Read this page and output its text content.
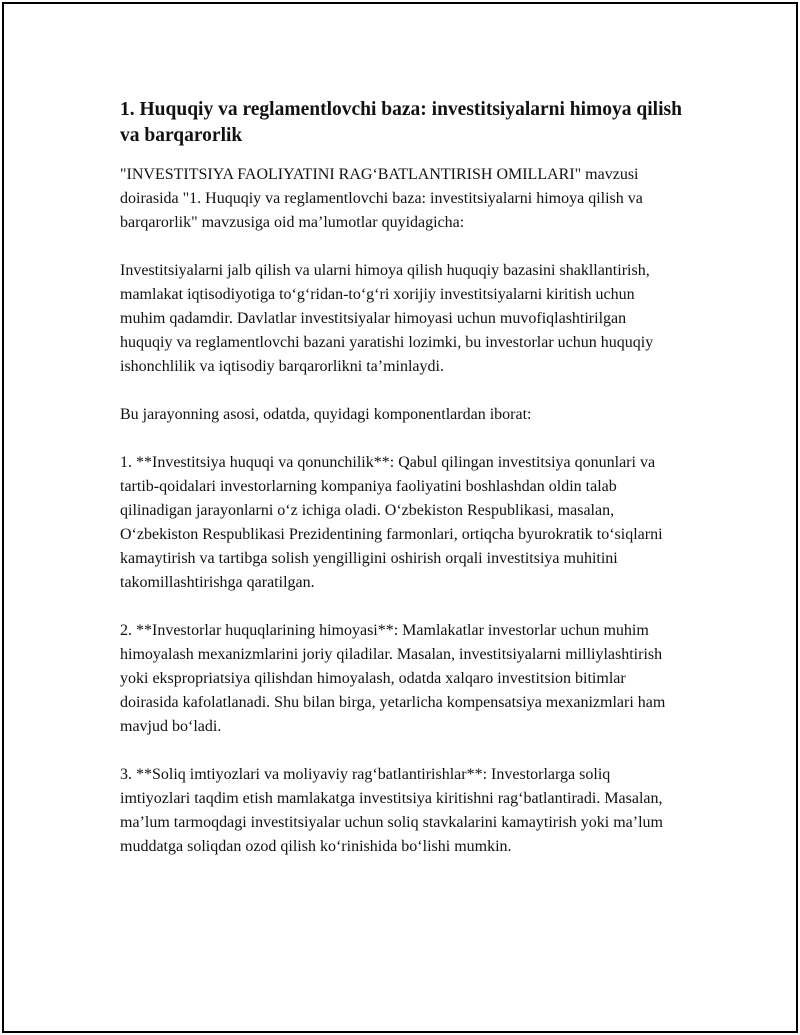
1. Huquqiy va reglamentlovchi baza: investitsiyalarni himoya qilish va barqarorlik

"INVESTITSIYA FAOLIYATINI RAG‘BATLANTIRISH OMILLARI" mavzusi doirasida "1. Huquqiy va reglamentlovchi baza: investitsiyalarni himoya qilish va barqarorlik" mavzusiga oid ma’lumotlar quyidagicha:

Investitsiyalarni jalb qilish va ularni himoya qilish huquqiy bazasini shakllantirish, mamlakat iqtisodiyotiga to‘g‘ridan-to‘g‘ri xorijiy investitsiyalarni kiritish uchun muhim qadamdir. Davlatlar investitsiyalar himoyasi uchun muvofiqlashtirilgan huquqiy va reglamentlovchi bazani yaratishi lozimki, bu investorlar uchun huquqiy ishonchlilik va iqtisodiy barqarorlikni ta’minlaydi.

Bu jarayonning asosi, odatda, quyidagi komponentlardan iborat:

1. **Investitsiya huquqi va qonunchilik**: Qabul qilingan investitsiya qonunlari va tartib-qoidalari investorlarning kompaniya faoliyatini boshlashdan oldin talab qilinadigan jarayonlarni o‘z ichiga oladi. O‘zbekiston Respublikasi, masalan, O‘zbekiston Respublikasi Prezidentining farmonlari, ortiqcha byurokratik to‘siqlarni kamaytirish va tartibga solish yengilligini oshirish orqali investitsiya muhitini takomillashtirishga qaratilgan.

2. **Investorlar huquqlarining himoyasi**: Mamlakatlar investorlar uchun muhim himoyalash mexanizmlarini joriy qiladilar. Masalan, investitsiyalarni milliylashtirish yoki ekspropriatsiya qilishdan himoyalash, odatda xalqaro investitsion bitimlar doirasida kafolatlanadi. Shu bilan birga, yetarlicha kompensatsiya mexanizmlari ham mavjud bo‘ladi.

3. **Soliq imtiyozlari va moliyaviy rag‘batlantirishlar**: Investorlarga soliq imtiyozlari taqdim etish mamlakatga investitsiya kiritishni rag‘batlantiradi. Masalan, ma’lum tarmoqdagi investitsiyalar uchun soliq stavkalarini kamaytirish yoki ma’lum muddatga soliqdan ozod qilish ko‘rinishida bo‘lishi mumkin.
